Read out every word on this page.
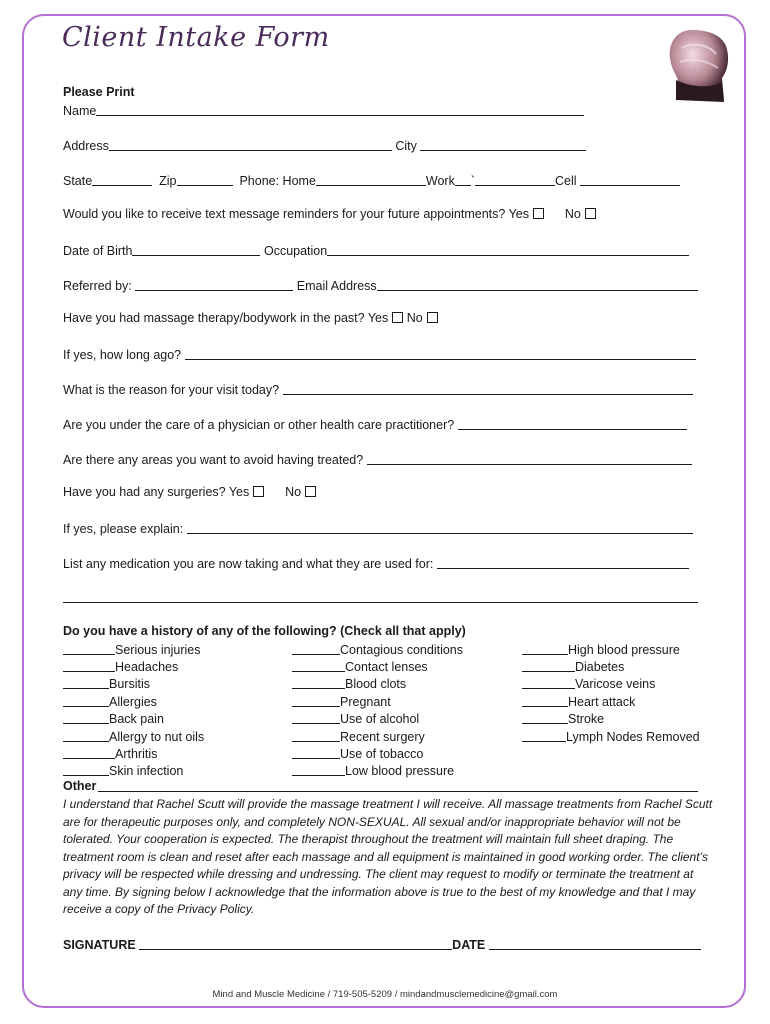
Client Intake Form
Please Print
Name
Address	City
State	Zip	Phone: Home	Work `	Cell
Would you like to receive text message reminders for your future appointments? Yes	No
Date of Birth	Occupation
Referred by:	Email Address
Have you had massage therapy/bodywork in the past? Yes No
If yes, how long ago?
What is the reason for your visit today?
Are you under the care of a physician or other health care practitioner?
Are there any areas you want to avoid having treated?
Have you had any surgeries? Yes	No
If yes, please explain:
List any medication you are now taking and what they are used for:
Do you have a history of any of the following? (Check all that apply)
Serious injuries
Headaches
Bursitis
Allergies
Back pain
Allergy to nut oils
Arthritis
Skin infection
Contagious conditions
Contact lenses
Blood clots
Pregnant
Use of alcohol
Recent surgery
Use of tobacco
Low blood pressure
High blood pressure
Diabetes
Varicose veins
Heart attack
Stroke
Lymph Nodes Removed
Other
I understand that Rachel Scutt will provide the massage treatment I will receive. All massage treatments from Rachel Scutt are for therapeutic purposes only, and completely NON-SEXUAL. All sexual and/or inappropriate behavior will not be tolerated. Your cooperation is expected. The therapist throughout the treatment will maintain full sheet draping. The treatment room is clean and reset after each massage and all equipment is maintained in good working order. The client’s privacy will be respected while dressing and undressing. The client may request to modify or terminate the treatment at any time. By signing below I acknowledge that the information above is true to the best of my knowledge and that I may receive a copy of the Privacy Policy.
SIGNATURE	DATE
Mind and Muscle Medicine / 719-505-5209 / mindandmusclemedicine@gmail.com
